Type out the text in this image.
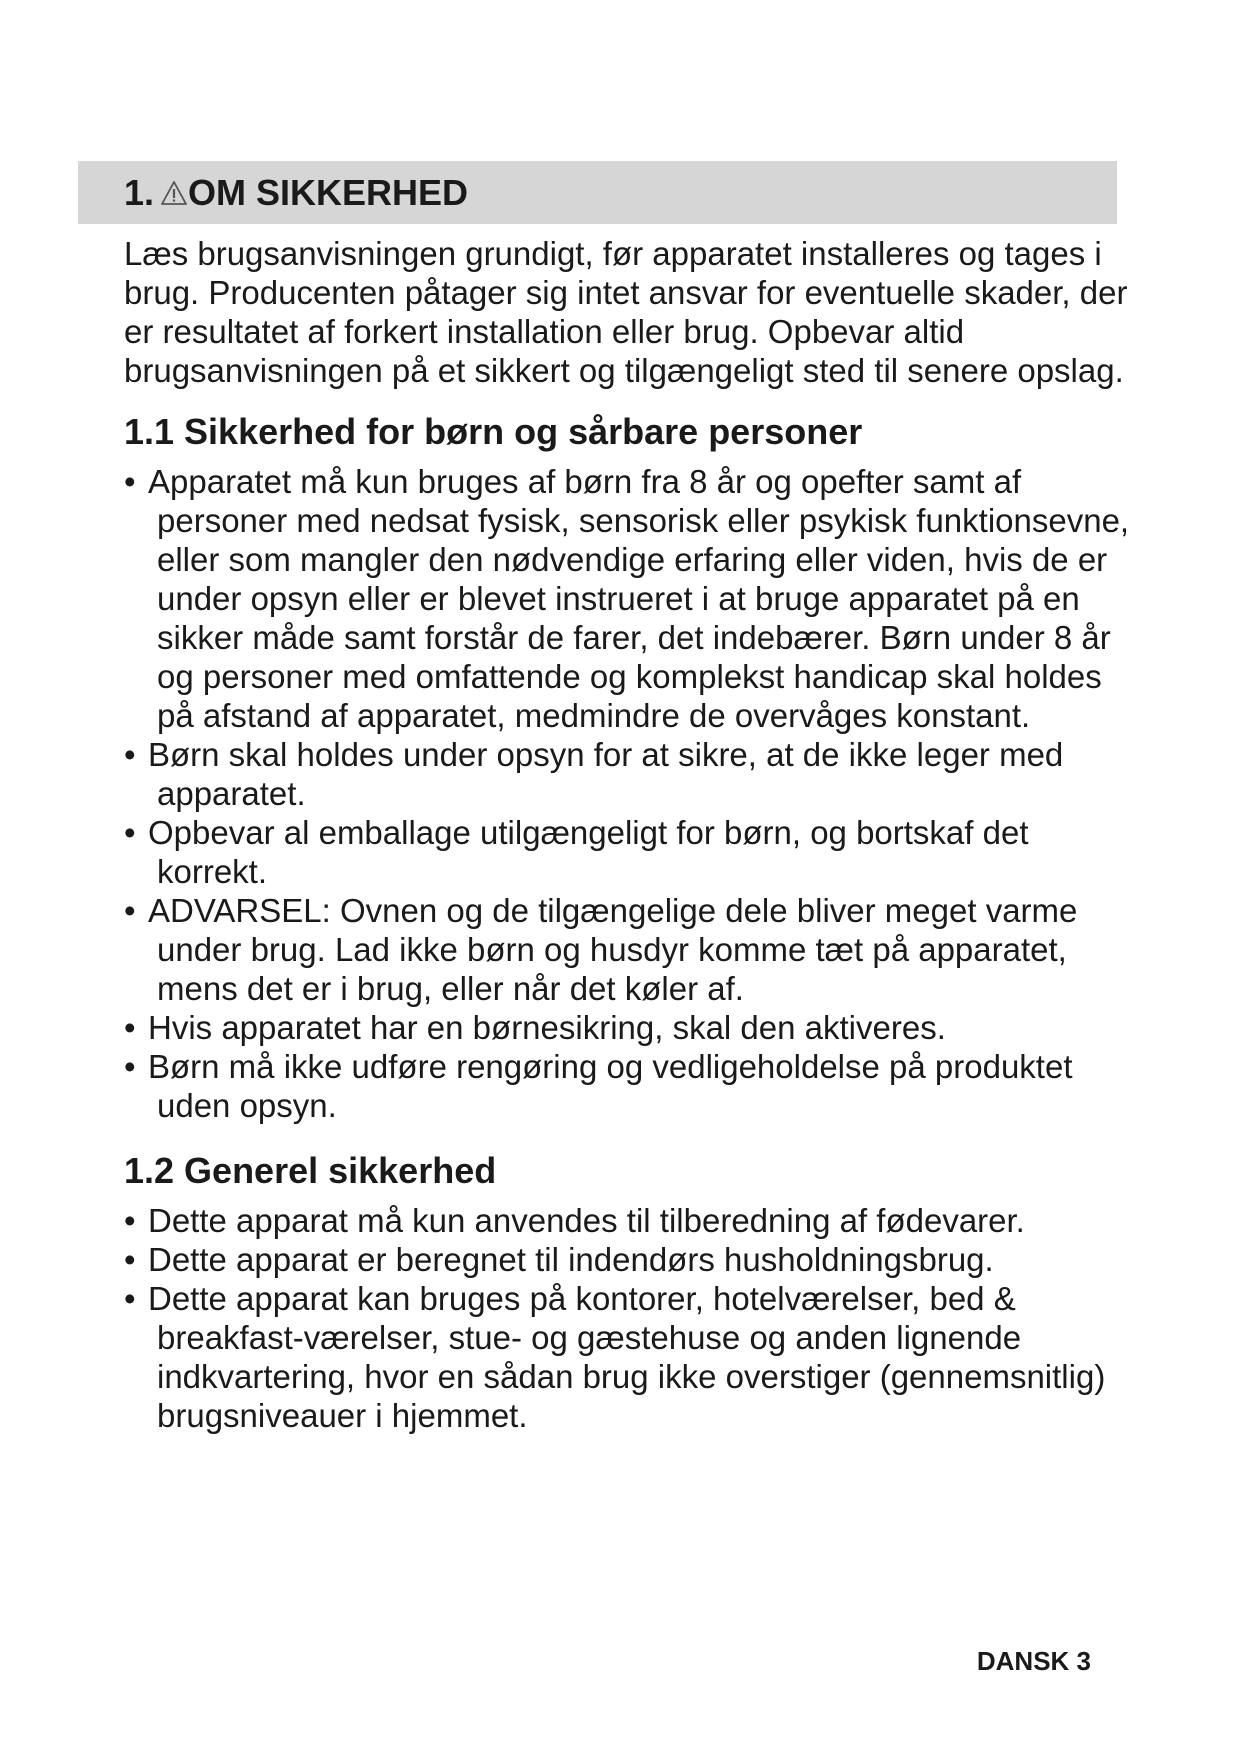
1. OM SIKKERHED

Læs brugsanvisningen grundigt, før apparatet installeres og tages i brug. Producenten påtager sig intet ansvar for eventuelle skader, der er resultatet af forkert installation eller brug. Opbevar altid brugsanvisningen på et sikkert og tilgængeligt sted til senere opslag.

1.1 Sikkerhed for børn og sårbare personer
• Apparatet må kun bruges af børn fra 8 år og opefter samt af personer med nedsat fysisk, sensorisk eller psykisk funktionsevne, eller som mangler den nødvendige erfaring eller viden, hvis de er under opsyn eller er blevet instrueret i at bruge apparatet på en sikker måde samt forstår de farer, det indebærer. Børn under 8 år og personer med omfattende og komplekst handicap skal holdes på afstand af apparatet, medmindre de overvåges konstant.
• Børn skal holdes under opsyn for at sikre, at de ikke leger med apparatet.
• Opbevar al emballage utilgængeligt for børn, og bortskaf det korrekt.
• ADVARSEL: Ovnen og de tilgængelige dele bliver meget varme under brug. Lad ikke børn og husdyr komme tæt på apparatet, mens det er i brug, eller når det køler af.
• Hvis apparatet har en børnesikring, skal den aktiveres.
• Børn må ikke udføre rengøring og vedligeholdelse på produktet uden opsyn.
1.2 Generel sikkerhed
• Dette apparat må kun anvendes til tilberedning af fødevarer.
• Dette apparat er beregnet til indendørs husholdningsbrug.
• Dette apparat kan bruges på kontorer, hotelværelser, bed & breakfast-værelser, stue- og gæstehuse og anden lignende indkvartering, hvor en sådan brug ikke overstiger (gennemsnitlig) brugsniveauer i hjemmet.
DANSK 3
